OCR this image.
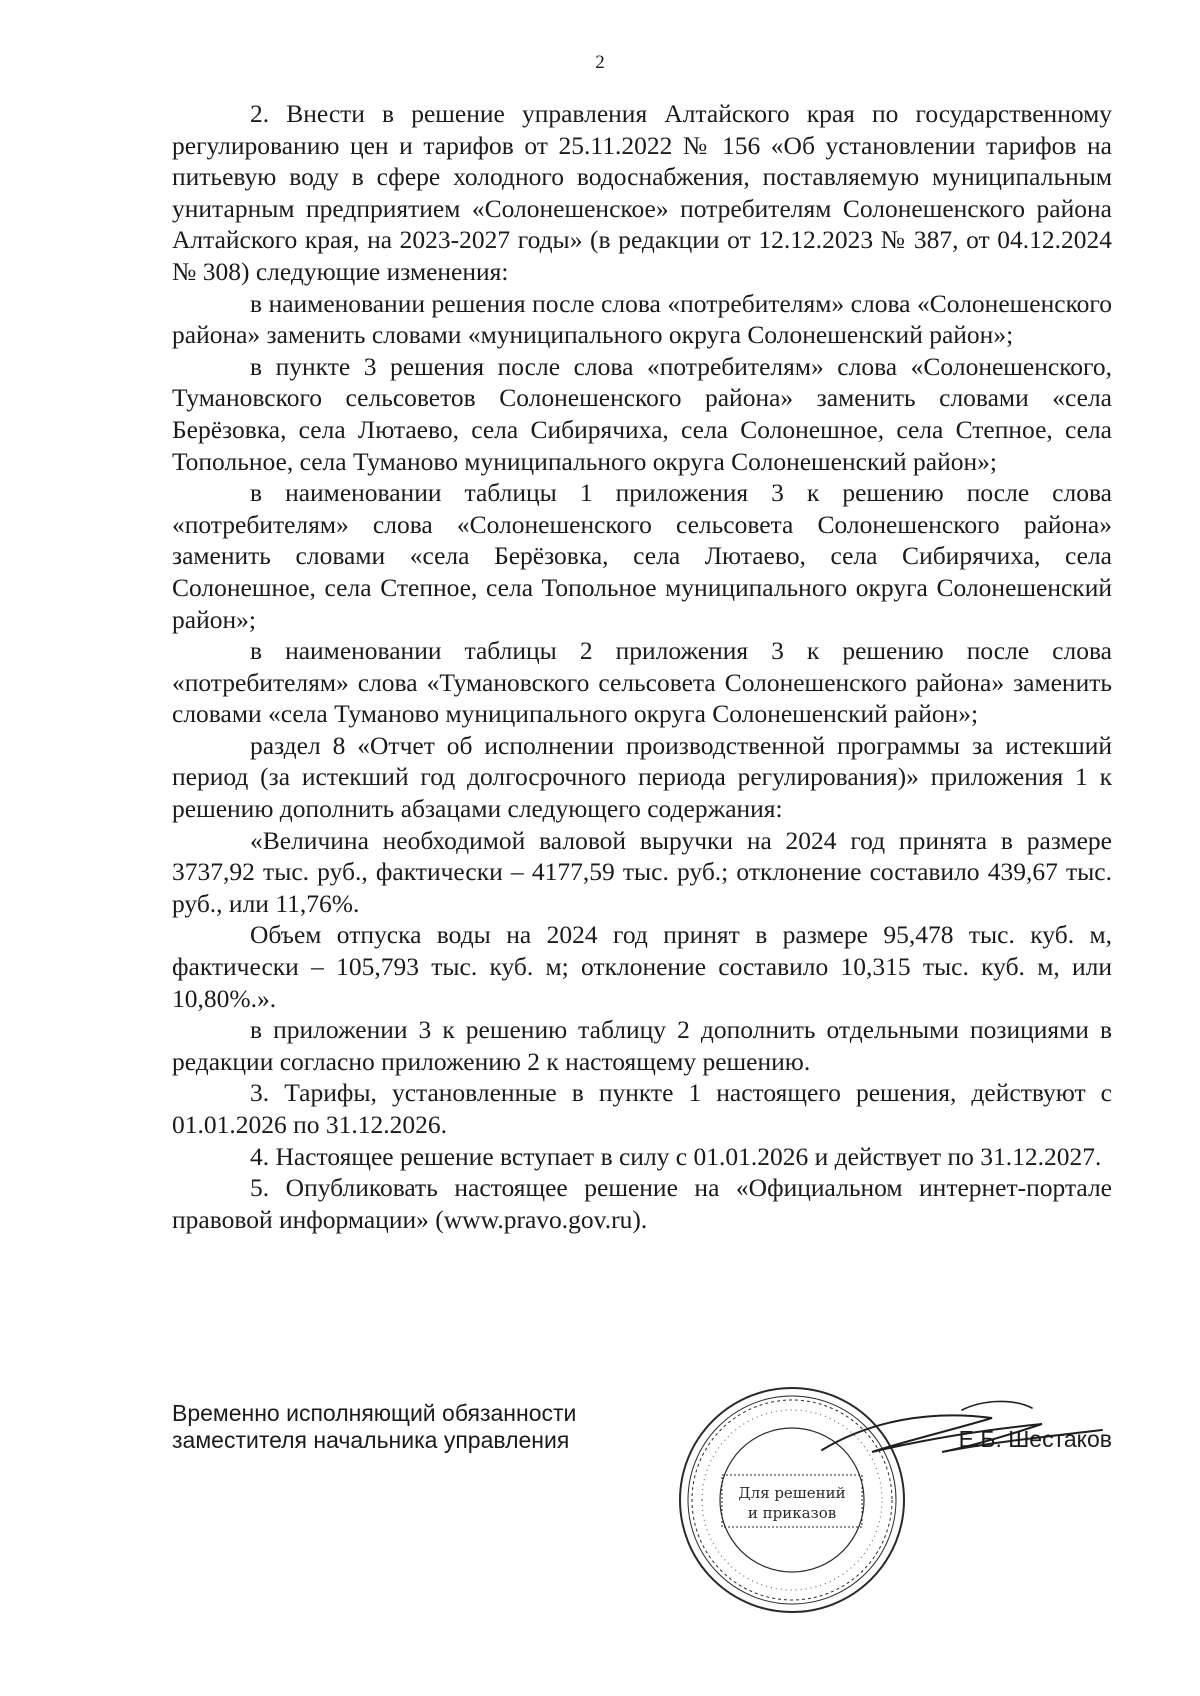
2

2. Внести в решение управления Алтайского края по государственному регулированию цен и тарифов от 25.11.2022 № 156 «Об установлении тарифов на питьевую воду в сфере холодного водоснабжения, поставляемую муниципальным унитарным предприятием «Солонешенское» потребителям Солонешенского района Алтайского края, на 2023-2027 годы» (в редакции от 12.12.2023 № 387, от 04.12.2024 № 308) следующие изменения:

в наименовании решения после слова «потребителям» слова «Солонешенского района» заменить словами «муниципального округа Солонешенский район»;

в пункте 3 решения после слова «потребителям» слова «Солонешенского, Тумановского сельсоветов Солонешенского района» заменить словами «села Берёзовка, села Лютаево, села Сибирячиха, села Солонешное, села Степное, села Топольное, села Туманово муниципального округа Солонешенский район»;

в наименовании таблицы 1 приложения 3 к решению после слова «потребителям» слова «Солонешенского сельсовета Солонешенского района» заменить словами «села Берёзовка, села Лютаево, села Сибирячиха, села Солонешное, села Степное, села Топольное муниципального округа Солонешенский район»;

в наименовании таблицы 2 приложения 3 к решению после слова «потребителям» слова «Тумановского сельсовета Солонешенского района» заменить словами «села Туманово муниципального округа Солонешенский район»;

раздел 8 «Отчет об исполнении производственной программы за истекший период (за истекший год долгосрочного периода регулирования)» приложения 1 к решению дополнить абзацами следующего содержания:

«Величина необходимой валовой выручки на 2024 год принята в размере 3737,92 тыс. руб., фактически – 4177,59 тыс. руб.; отклонение составило 439,67 тыс. руб., или 11,76%.

Объем отпуска воды на 2024 год принят в размере 95,478 тыс. куб. м, фактически – 105,793 тыс. куб. м; отклонение составило 10,315 тыс. куб. м, или 10,80%.».

в приложении 3 к решению таблицу 2 дополнить отдельными позициями в редакции согласно приложению 2 к настоящему решению.

3. Тарифы, установленные в пункте 1 настоящего решения, действуют с 01.01.2026 по 31.12.2026.

4. Настоящее решение вступает в силу с 01.01.2026 и действует по 31.12.2027.

5. Опубликовать настоящее решение на «Официальном интернет-портале правовой информации» (www.pravo.gov.ru).

Временно исполняющий обязанности
заместителя начальника управления
Для решений
и приказов
Е.Б. Шестаков
